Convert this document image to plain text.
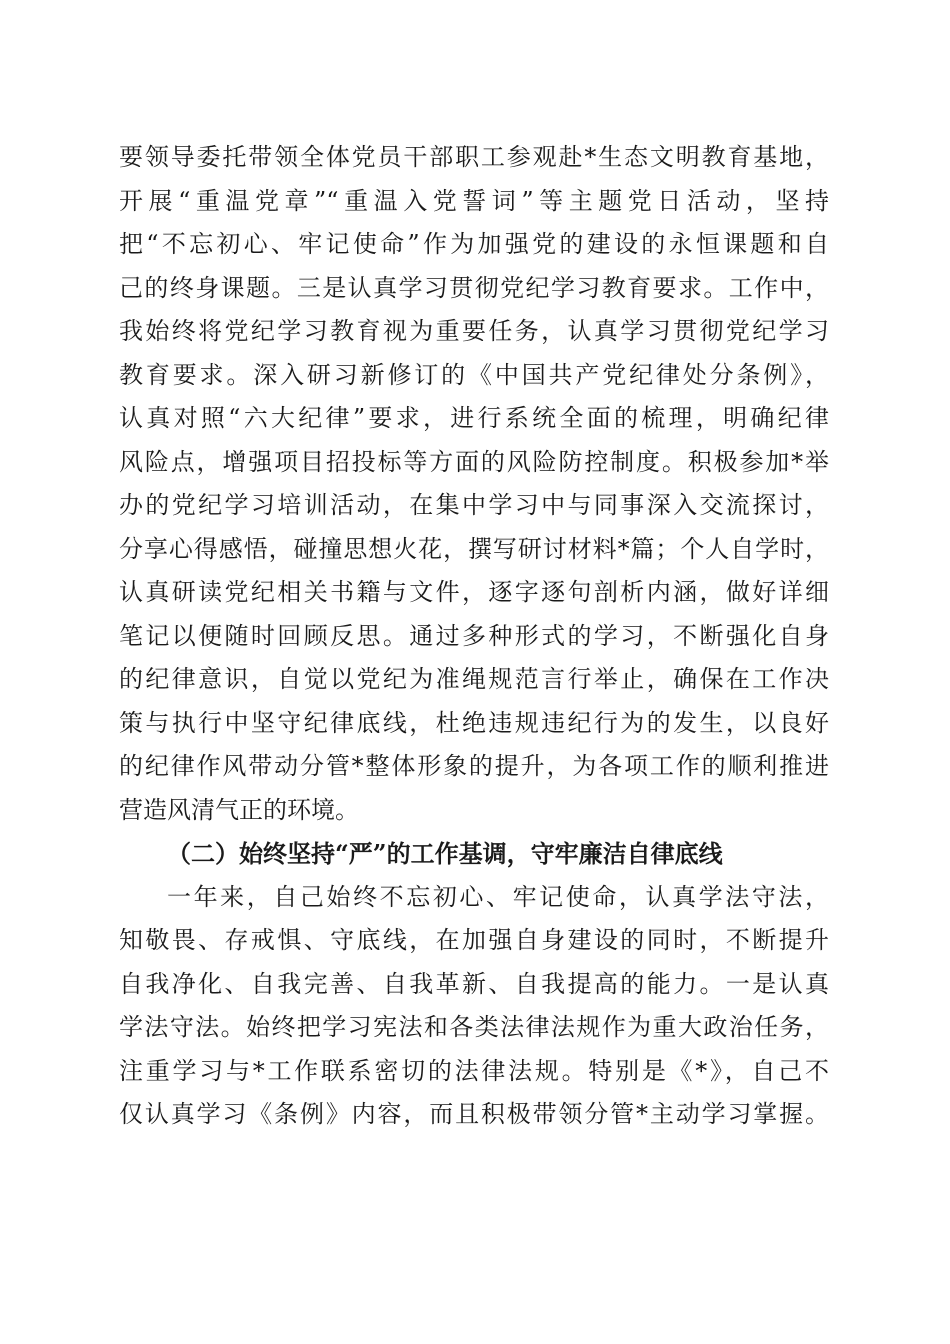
要领导委托带领全体党员干部职工参观赴*生态文明教育基地，
开展“重温党章”“重温入党誓词”等主题党日活动，坚持
把“不忘初心、牢记使命”作为加强党的建设的永恒课题和自
己的终身课题。三是认真学习贯彻党纪学习教育要求。工作中，
我始终将党纪学习教育视为重要任务，认真学习贯彻党纪学习
教育要求。深入研习新修订的《中国共产党纪律处分条例》，
认真对照“六大纪律”要求，进行系统全面的梳理，明确纪律
风险点，增强项目招投标等方面的风险防控制度。积极参加*举
办的党纪学习培训活动，在集中学习中与同事深入交流探讨，
分享心得感悟，碰撞思想火花，撰写研讨材料*篇；个人自学时，
认真研读党纪相关书籍与文件，逐字逐句剖析内涵，做好详细
笔记以便随时回顾反思。通过多种形式的学习，不断强化自身
的纪律意识，自觉以党纪为准绳规范言行举止，确保在工作决
策与执行中坚守纪律底线，杜绝违规违纪行为的发生，以良好
的纪律作风带动分管*整体形象的提升，为各项工作的顺利推进
营造风清气正的环境。
（二）始终坚持“严”的工作基调，守牢廉洁自律底线
一年来，自己始终不忘初心、牢记使命，认真学法守法，
知敬畏、存戒惧、守底线，在加强自身建设的同时，不断提升
自我净化、自我完善、自我革新、自我提高的能力。一是认真
学法守法。始终把学习宪法和各类法律法规作为重大政治任务，
注重学习与*工作联系密切的法律法规。特别是《*》，自己不
仅认真学习《条例》内容，而且积极带领分管*主动学习掌握。
